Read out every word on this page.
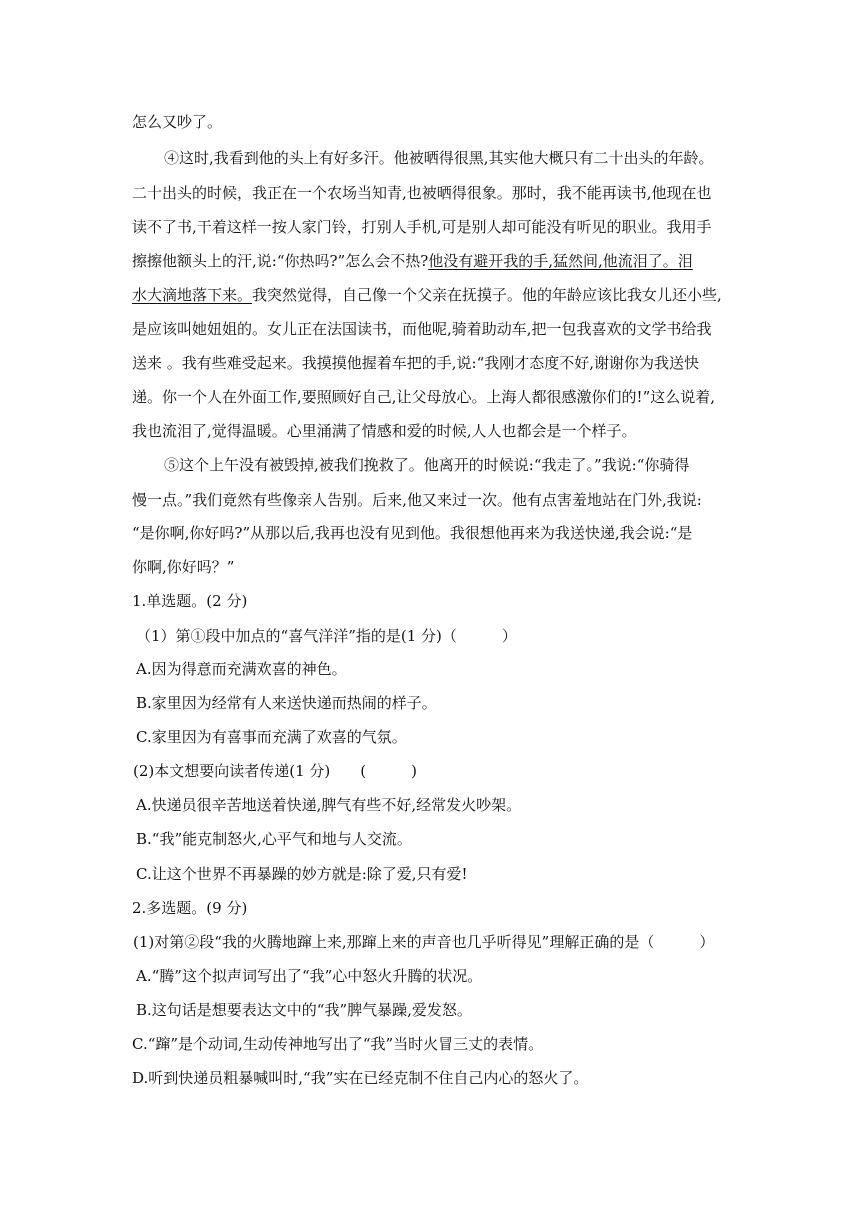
怎么又吵了。
④这时,我看到他的头上有好多汗。他被晒得很黑,其实他大概只有二十出头的年龄。
二十出头的时候，我正在一个农场当知青,也被晒得很象。那时，我不能再读书,他现在也
读不了书,干着这样一按人家门铃，打别人手机,可是别人却可能没有听见的职业。我用手
擦擦他额头上的汗,说:“你热吗?”怎么会不热?他没有避开我的手,猛然间,他流泪了。泪
水大滴地落下来。我突然觉得，自己像一个父亲在抚摸子。他的年龄应该比我女儿还小些,
是应该叫她妞姐的。女儿正在法国读书，而他呢,骑着助动车,把一包我喜欢的文学书给我
送来 。我有些难受起来。我摸摸他握着车把的手,说:“我刚才态度不好,谢谢你为我送快
递。你一个人在外面工作,要照顾好自己,让父母放心。上海人都很感激你们的!”这么说着,
我也流泪了,觉得温暖。心里涌满了情感和爱的时候,人人也都会是一个样子。
⑤这个上午没有被毁掉,被我们挽救了。他离开的时候说:“我走了。”我说:“你骑得
慢一点。”我们竟然有些像亲人告别。后来,他又来过一次。他有点害羞地站在门外,我说:
“是你啊,你好吗?”从那以后,我再也没有见到他。我很想他再来为我送快递,我会说:“是
你啊,你好吗？”
1.单选题。(2 分)
（1）第①段中加点的“喜气洋洋”指的是(1 分)（　　　）
A.因为得意而充满欢喜的神色。
B.家里因为经常有人来送快递而热闹的样子。
C.家里因为有喜事而充满了欢喜的气氛。
(2)本文想要向读者传递(1 分)　　(　　　)
A.快递员很辛苦地送着快递,脾气有些不好,经常发火吵架。
B.“我”能克制怒火,心平气和地与人交流。
C.让这个世界不再暴躁的妙方就是:除了爱,只有爱!
2.多选题。(9 分)
(1)对第②段“我的火腾地蹿上来,那蹿上来的声音也几乎听得见”理解正确的是（　　　）
A.“腾”这个拟声词写出了“我”心中怒火升腾的状况。
B.这句话是想要表达文中的“我”脾气暴躁,爱发怒。
C.“蹿”是个动词,生动传神地写出了“我”当时火冒三丈的表情。
D.听到快递员粗暴喊叫时,“我”实在已经克制不住自己内心的怒火了。
